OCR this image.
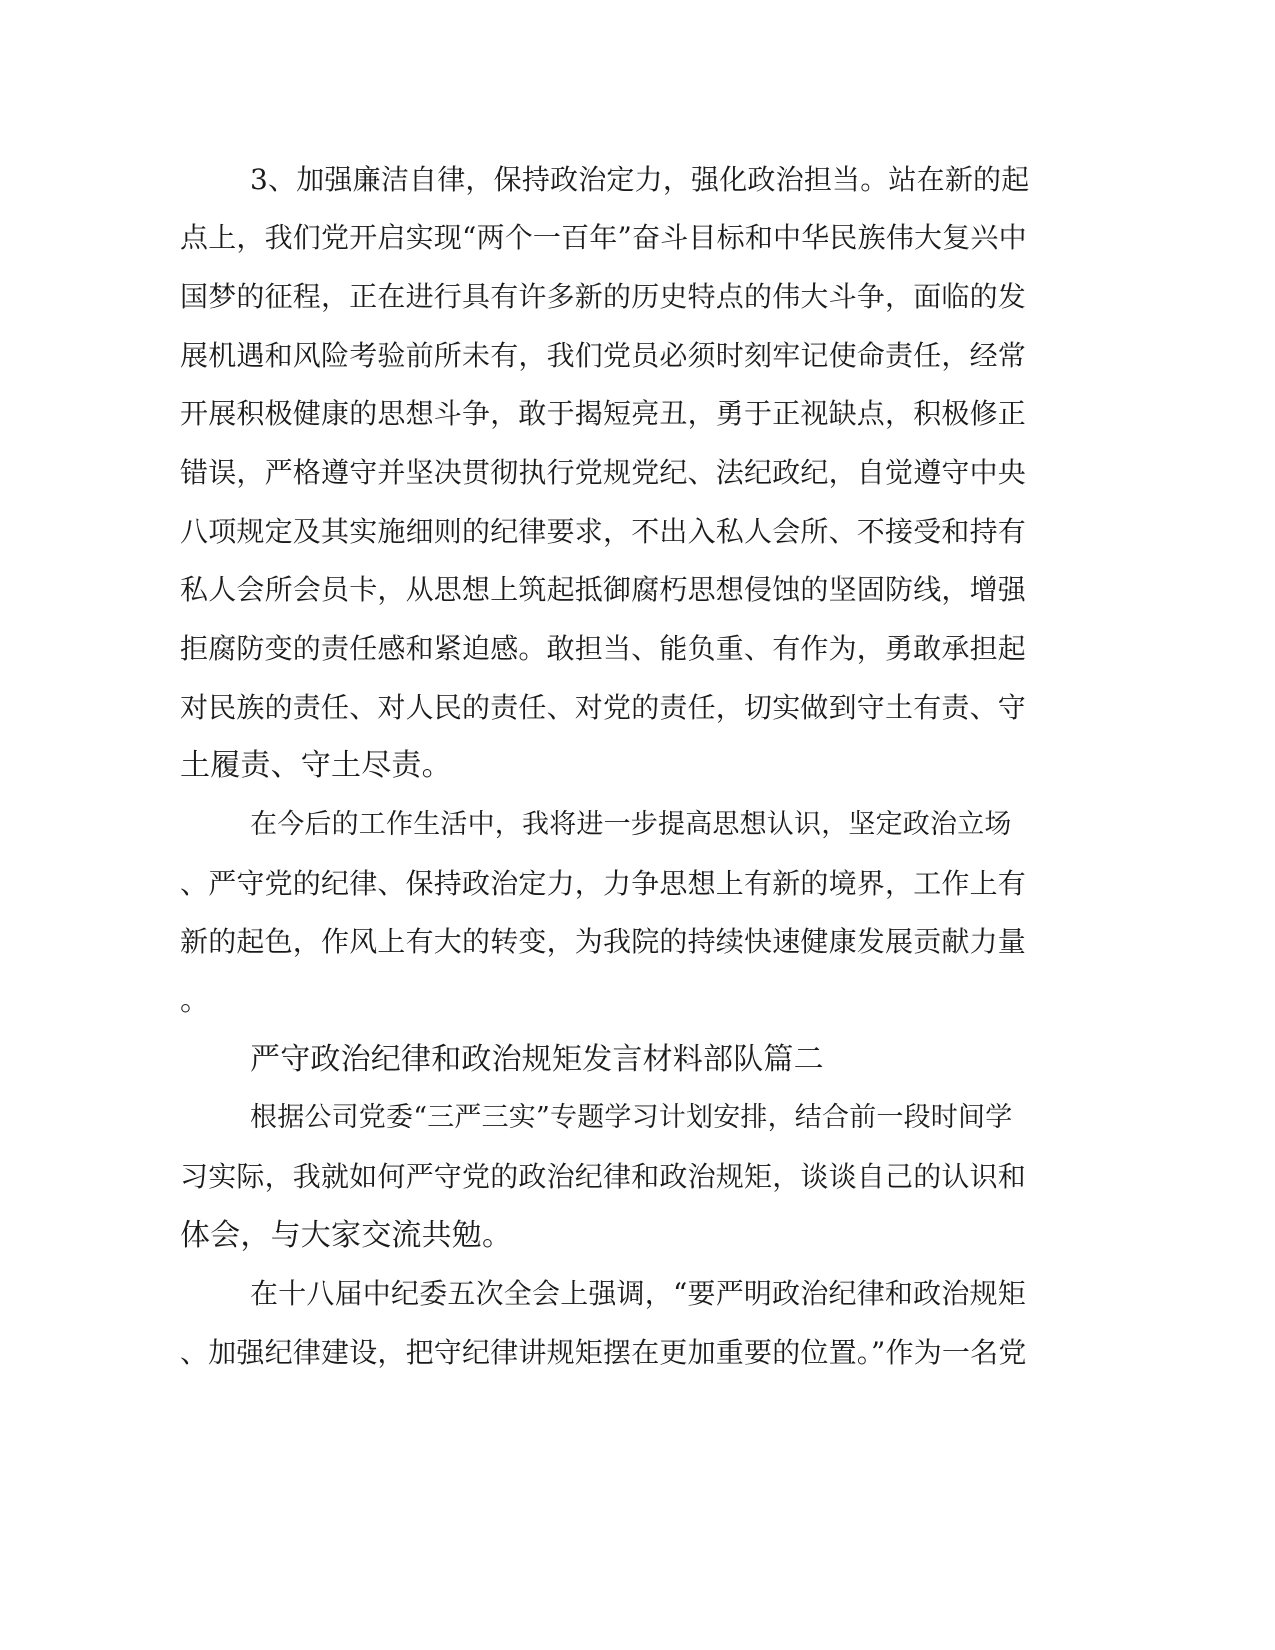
3、加强廉洁自律，保持政治定力，强化政治担当。站在新的起

点上，我们党开启实现“两个一百年”奋斗目标和中华民族伟大复兴中

国梦的征程，正在进行具有许多新的历史特点的伟大斗争，面临的发

展机遇和风险考验前所未有，我们党员必须时刻牢记使命责任，经常

开展积极健康的思想斗争，敢于揭短亮丑，勇于正视缺点，积极修正

错误，严格遵守并坚决贯彻执行党规党纪、法纪政纪，自觉遵守中央

八项规定及其实施细则的纪律要求，不出入私人会所、不接受和持有

私人会所会员卡，从思想上筑起抵御腐朽思想侵蚀的坚固防线，增强

拒腐防变的责任感和紧迫感。敢担当、能负重、有作为，勇敢承担起

对民族的责任、对人民的责任、对党的责任，切实做到守土有责、守

土履责、守土尽责。

在今后的工作生活中，我将进一步提高思想认识，坚定政治立场

、严守党的纪律、保持政治定力，力争思想上有新的境界，工作上有

新的起色，作风上有大的转变，为我院的持续快速健康发展贡献力量

。

严守政治纪律和政治规矩发言材料部队篇二

根据公司党委“三严三实”专题学习计划安排，结合前一段时间学

习实际，我就如何严守党的政治纪律和政治规矩，谈谈自己的认识和

体会，与大家交流共勉。

在十八届中纪委五次全会上强调，“要严明政治纪律和政治规矩

、加强纪律建设，把守纪律讲规矩摆在更加重要的位置。”作为一名党
